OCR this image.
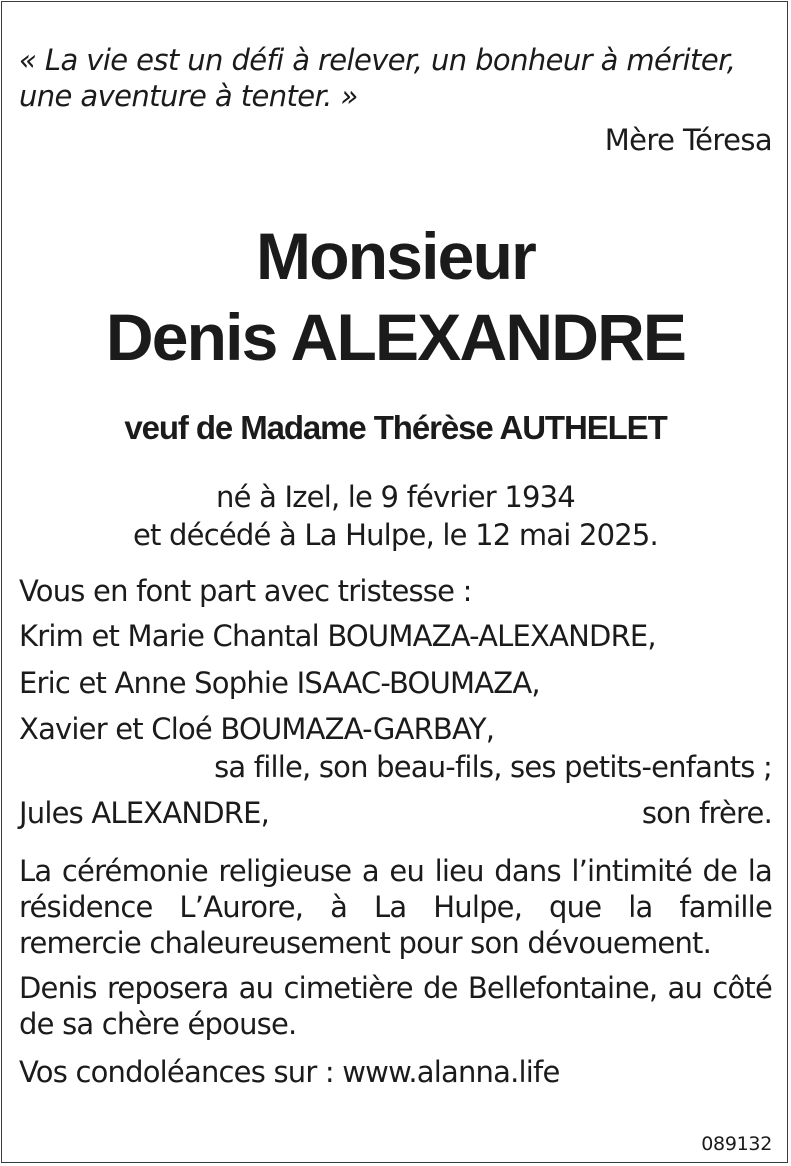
« La vie est un défi à relever, un bonheur à mériter,
une aventure à tenter. »
Mère Téresa
Monsieur
Denis ALEXANDRE
veuf de Madame Thérèse AUTHELET
né à Izel, le 9 février 1934
et décédé à La Hulpe, le 12 mai 2025.
Vous en font part avec tristesse :
Krim et Marie Chantal BOUMAZA-ALEXANDRE,
Eric et Anne Sophie ISAAC-BOUMAZA,
Xavier et Cloé BOUMAZA-GARBAY,
sa fille, son beau-fils, ses petits-enfants ;
Jules ALEXANDRE,	son frère.
La cérémonie religieuse a eu lieu dans l’intimité de la résidence L’Aurore, à La Hulpe, que la famille remercie chaleureusement pour son dévouement.
Denis reposera au cimetière de Bellefontaine, au côté de sa chère épouse.
Vos condoléances sur : www.alanna.life
089132
